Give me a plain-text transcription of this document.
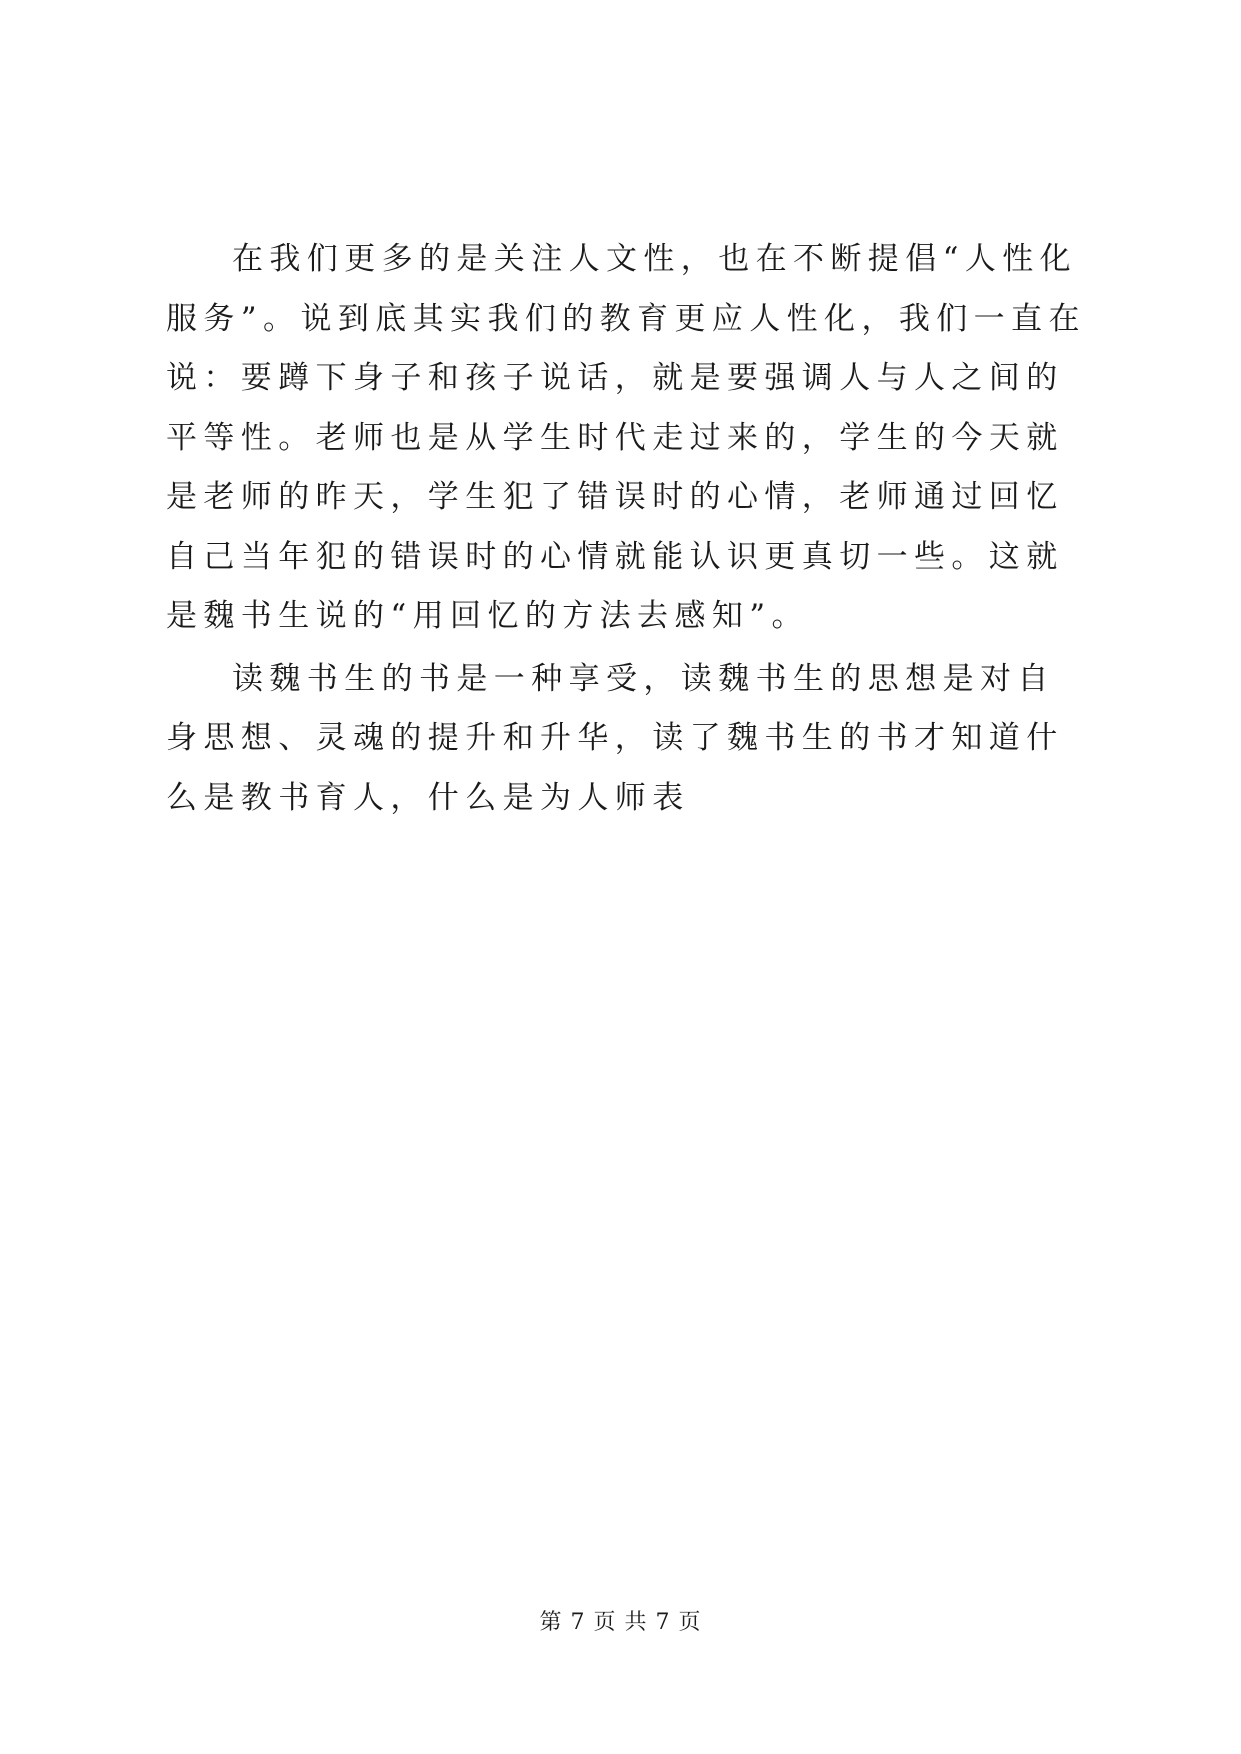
在我们更多的是关注人文性，也在不断提倡“人性化服务”。说到底其实我们的教育更应人性化，我们一直在说：要蹲下身子和孩子说话，就是要强调人与人之间的平等性。老师也是从学生时代走过来的，学生的今天就是老师的昨天，学生犯了错误时的心情，老师通过回忆自己当年犯的错误时的心情就能认识更真切一些。这就是魏书生说的“用回忆的方法去感知”。

读魏书生的书是一种享受，读魏书生的思想是对自身思想、灵魂的提升和升华，读了魏书生的书才知道什么是教书育人，什么是为人师表

第 7 页 共 7 页
